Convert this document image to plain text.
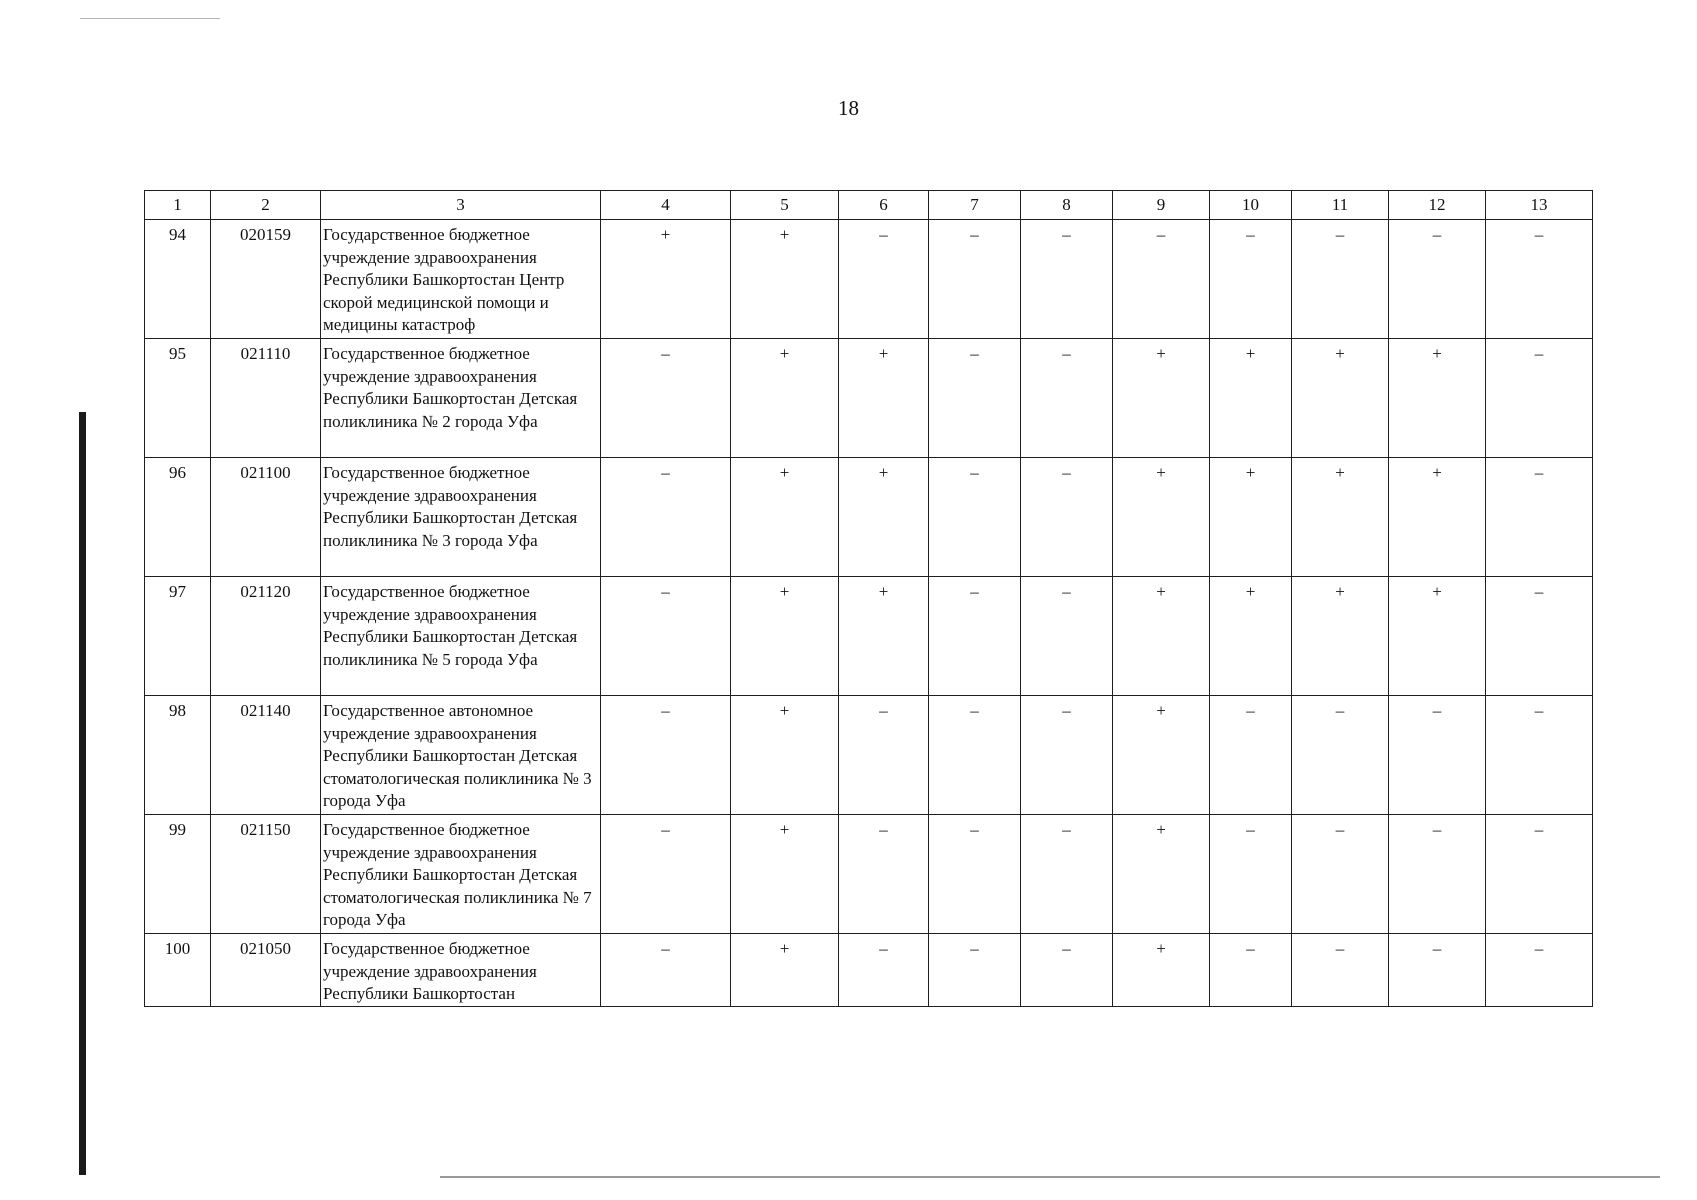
18
1	2	3	4	5	6	7	8	9	10	11	12	13
94	020159	Государственное бюджетное учреждение здравоохранения Республики Башкортостан Центр скорой медицинской помощи и медицины катастроф	+	+	–	–	–	–	–	–	–	–
95	021110	Государственное бюджетное учреждение здравоохранения Республики Башкортостан Детская поликлиника № 2 города Уфа	–	+	+	–	–	+	+	+	+	–
96	021100	Государственное бюджетное учреждение здравоохранения Республики Башкортостан Детская поликлиника № 3 города Уфа	–	+	+	–	–	+	+	+	+	–
97	021120	Государственное бюджетное учреждение здравоохранения Республики Башкортостан Детская поликлиника № 5 города Уфа	–	+	+	–	–	+	+	+	+	–
98	021140	Государственное автономное учреждение здравоохранения Республики Башкортостан Детская стоматологическая поликлиника № 3 города Уфа	–	+	–	–	–	+	–	–	–	–
99	021150	Государственное бюджетное учреждение здравоохранения Республики Башкортостан Детская стоматологическая поликлиника № 7 города Уфа	–	+	–	–	–	+	–	–	–	–
100	021050	Государственное бюджетное учреждение здравоохранения Республики Башкортостан	–	+	–	–	–	+	–	–	–	–
